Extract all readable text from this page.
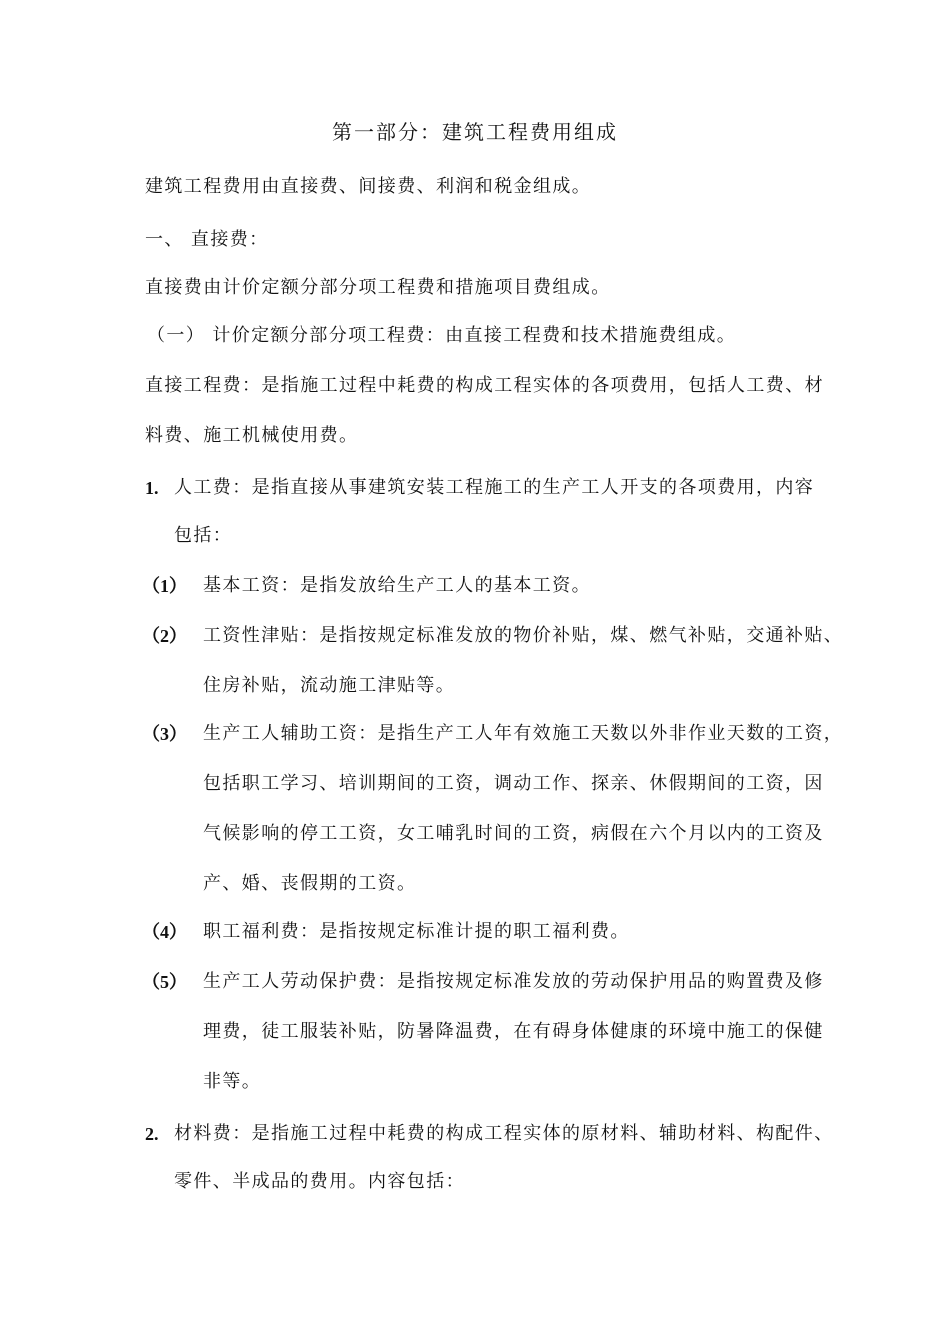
第一部分：建筑工程费用组成
建筑工程费用由直接费、间接费、利润和税金组成。
一、 直接费：
直接费由计价定额分部分项工程费和措施项目费组成。
（一） 计价定额分部分项工程费：由直接工程费和技术措施费组成。
直接工程费：是指施工过程中耗费的构成工程实体的各项费用，包括人工费、材
料费、施工机械使用费。
1. 人工费：是指直接从事建筑安装工程施工的生产工人开支的各项费用，内容
包括：
（1） 基本工资：是指发放给生产工人的基本工资。
（2） 工资性津贴：是指按规定标准发放的物价补贴，煤、燃气补贴，交通补贴、
住房补贴，流动施工津贴等。
（3） 生产工人辅助工资：是指生产工人年有效施工天数以外非作业天数的工资，
包括职工学习、培训期间的工资，调动工作、探亲、休假期间的工资，因
气候影响的停工工资，女工哺乳时间的工资，病假在六个月以内的工资及
产、婚、丧假期的工资。
（4） 职工福利费：是指按规定标准计提的职工福利费。
（5） 生产工人劳动保护费：是指按规定标准发放的劳动保护用品的购置费及修
理费，徒工服装补贴，防暑降温费，在有碍身体健康的环境中施工的保健
非等。
2. 材料费：是指施工过程中耗费的构成工程实体的原材料、辅助材料、构配件、
零件、半成品的费用。内容包括：
